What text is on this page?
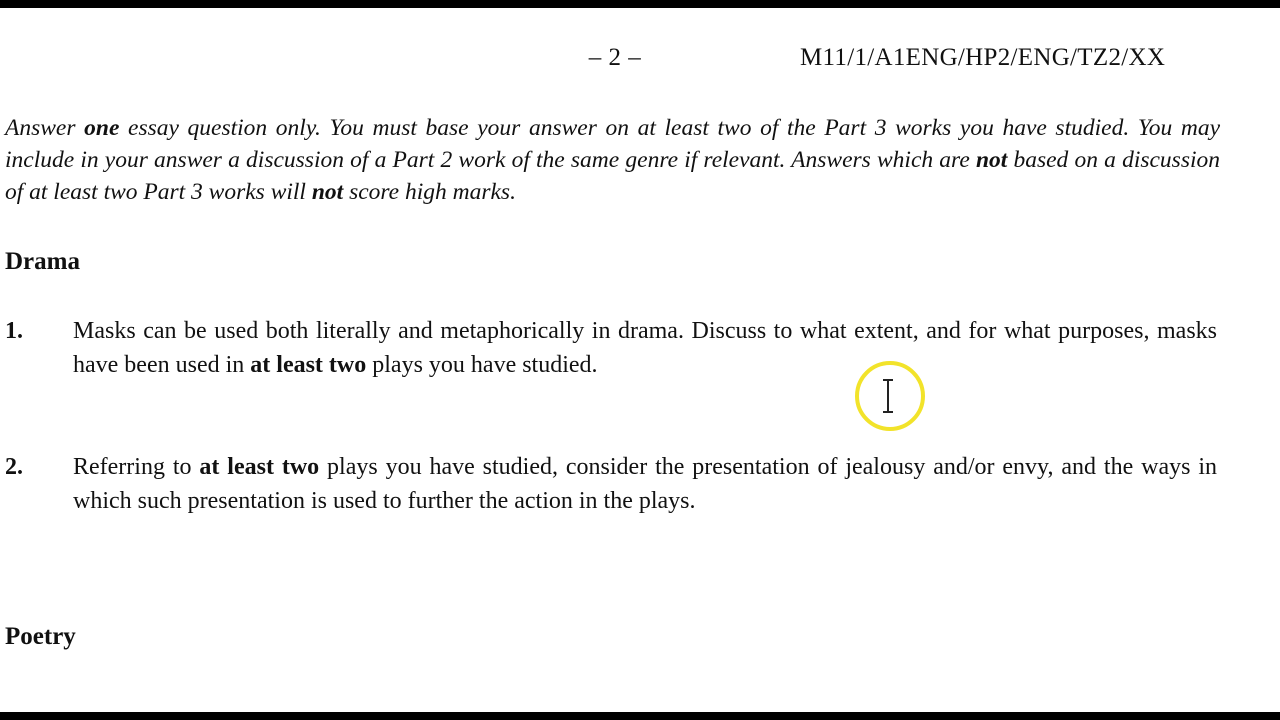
– 2 –	M11/1/A1ENG/HP2/ENG/TZ2/XX
Answer one essay question only. You must base your answer on at least two of the Part 3 works you have studied. You may include in your answer a discussion of a Part 2 work of the same genre if relevant. Answers which are not based on a discussion of at least two Part 3 works will not score high marks.
Drama
1.	Masks can be used both literally and metaphorically in drama. Discuss to what extent, and for what purposes, masks have been used in at least two plays you have studied.
2.	Referring to at least two plays you have studied, consider the presentation of jealousy and/or envy, and the ways in which such presentation is used to further the action in the plays.
Poetry
